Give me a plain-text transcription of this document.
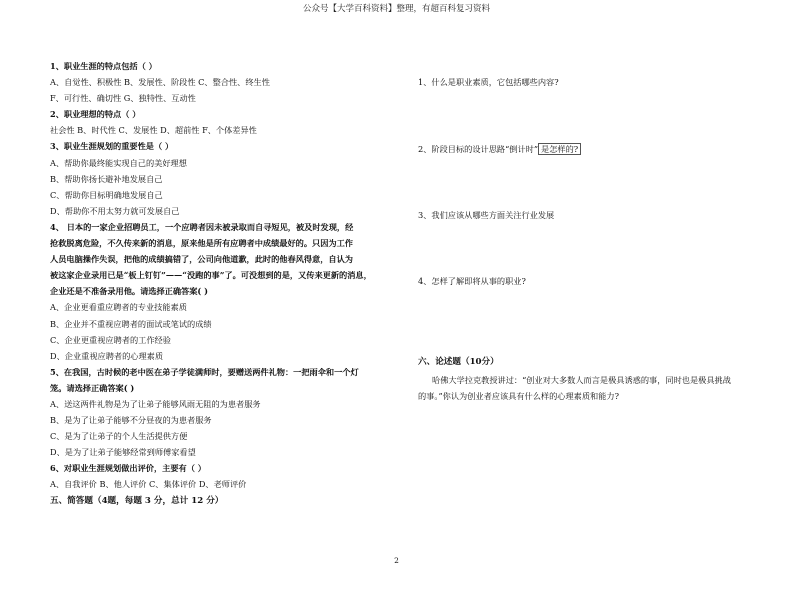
公众号【大学百科资料】整理，有超百科复习资料
1、职业生涯的特点包括（ ）
A、自觉性、积极性 B、发展性、阶段性 C、整合性、终生性
F、可行性、确切性 G、独特性、互动性
2、职业理想的特点（ ）
社会性 B、时代性 C、发展性 D、超前性 F、个体差异性
3、职业生涯规划的重要性是（ ）
A、帮助你最终能实现自己的美好理想
B、帮助你扬长避补地发展自己
C、帮助你目标明确地发展自己
D、帮助你不用太努力就可发展自己
4、 日本的一家企业招聘员工，一个应聘者因未被录取而自寻短见，被及时发现，经
抢救脱离危险，不久传来新的消息，原来他是所有应聘者中成绩最好的。只因为工作
人员电脑操作失误，把他的成绩搞错了，公司向他道歉，此时的他春风得意，自认为
被这家企业录用已是“板上钉钉”——“没跑的事”了。可没想到的是，又传来更新的消息，
企业还是不准备录用他。请选择正确答案( )
A、企业更看重应聘者的专业技能素质
B、企业并不重视应聘者的面试或笔试的成绩
C、企业更重视应聘者的工作经验
D、企业重视应聘者的心理素质
5、在我国，古时候的老中医在弟子学徒满师时，要赠送两件礼物：一把雨伞和一个灯
笼。请选择正确答案( )
A、送这两件礼物是为了让弟子能够风雨无阻的为患者服务
B、是为了让弟子能够不分昼夜的为患者服务
C、是为了让弟子的个人生活提供方便
D、是为了让弟子能够经常到师傅家看望
6、对职业生涯规划做出评价，主要有（ ）
A、自我评价 B、他人评价 C、集体评价 D、老师评价
五、简答题（4题，每题 3 分，总计 12 分）
1、什么是职业素质，它包括哪些内容?
2、阶段目标的设计思路“倒计时” 是怎样的?
3、我们应该从哪些方面关注行业发展
4、怎样了解即将从事的职业?
六、论述题（10分）
哈佛大学拉克教授讲过：“创业对大多数人而言是极具诱惑的事，同时也是极具挑战的事。”你认为创业者应该具有什么样的心理素质和能力?
2
